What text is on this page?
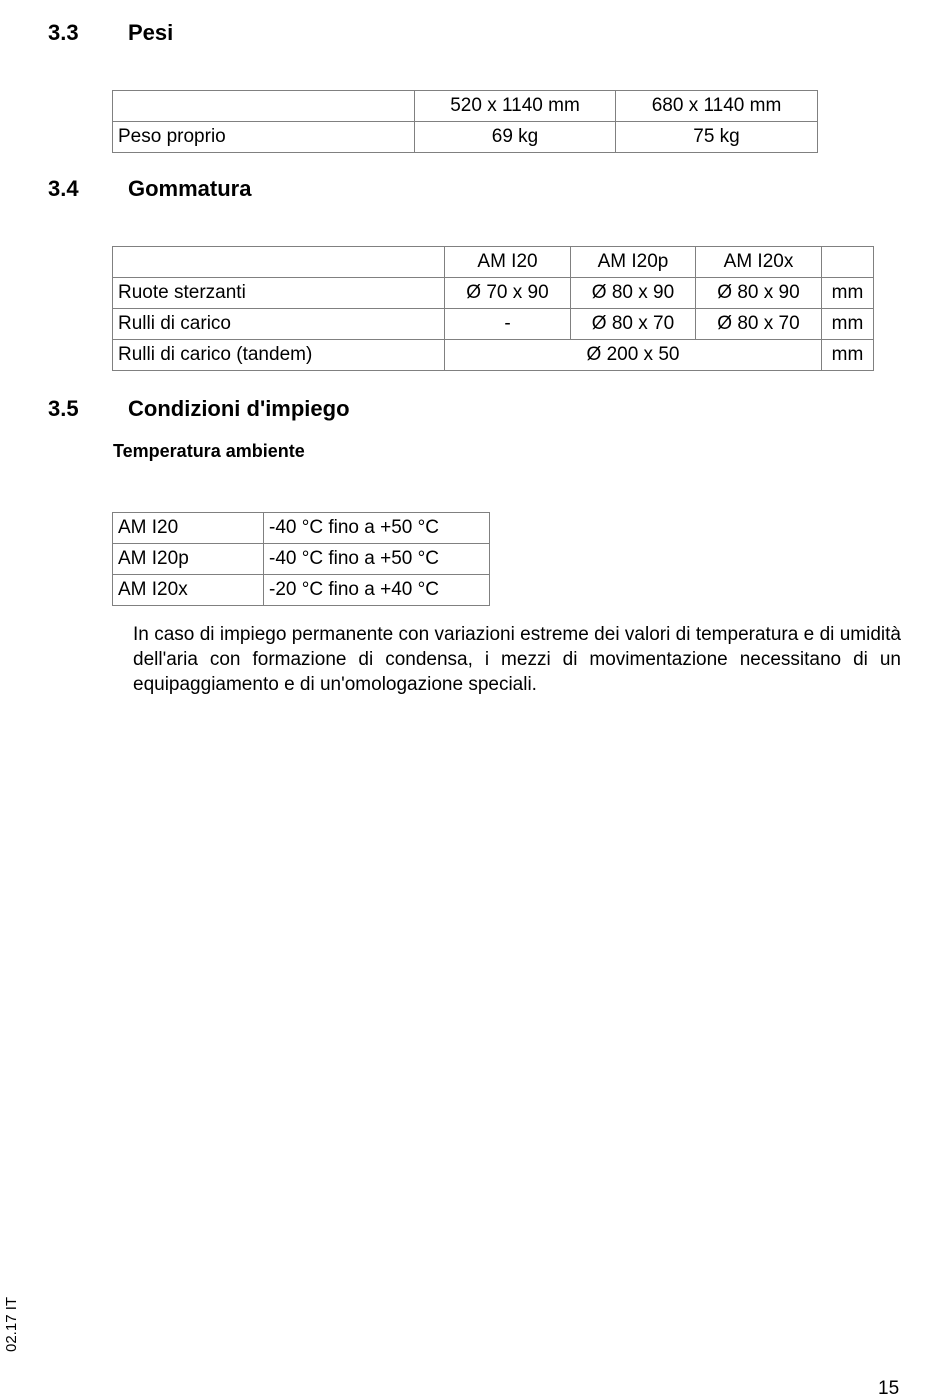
3.3 Pesi
	520 x 1140 mm	680 x 1140 mm
Peso proprio	69 kg	75 kg
3.4 Gommatura
	AM I20	AM I20p	AM I20x	
Ruote sterzanti	Ø 70 x 90	Ø 80 x 90	Ø 80 x 90	mm
Rulli di carico	-	Ø 80 x 70	Ø 80 x 70	mm
Rulli di carico (tandem)	Ø 200 x 50			mm
3.5 Condizioni d'impiego
Temperatura ambiente
AM I20	-40 °C fino a +50 °C
AM I20p	-40 °C fino a +50 °C
AM I20x	-20 °C fino a +40 °C

In caso di impiego permanente con variazioni estreme dei valori di temperatura e di umidità dell'aria con formazione di condensa, i mezzi di movimentazione necessitano di un equipaggiamento e di un'omologazione speciali.

02.17 IT
15
